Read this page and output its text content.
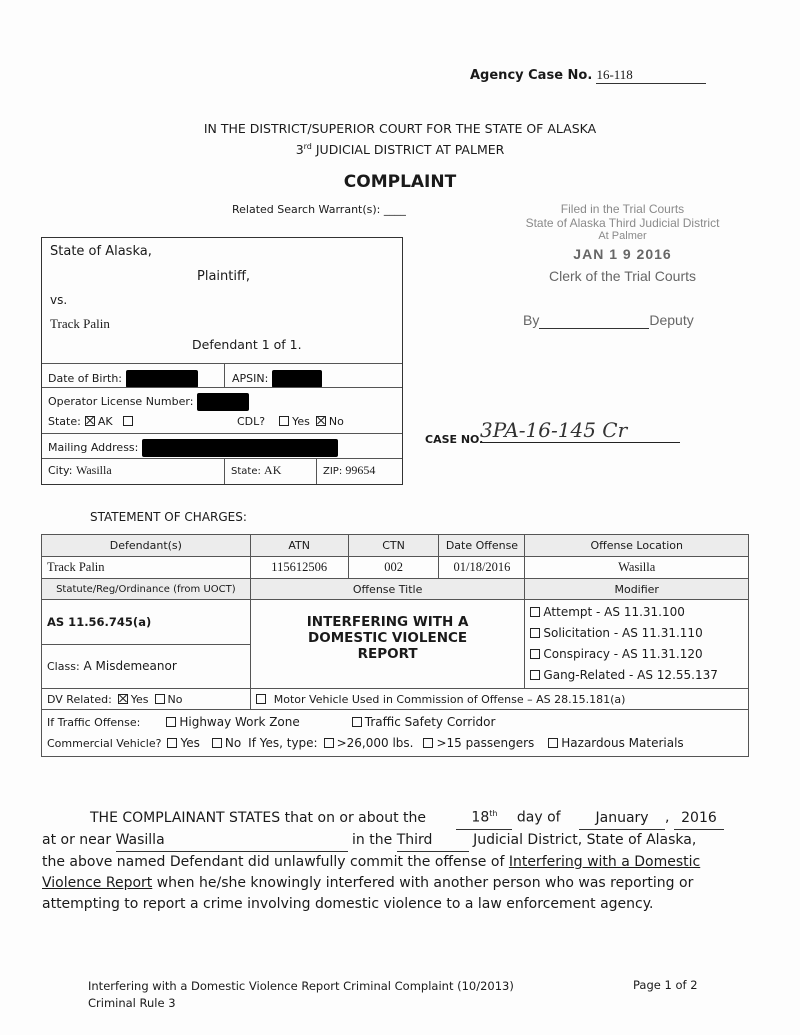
Agency Case No. 16-118
IN THE DISTRICT/SUPERIOR COURT FOR THE STATE OF ALASKA
3rd JUDICIAL DISTRICT AT PALMER
COMPLAINT
Related Search Warrant(s): ____
State of Alaska,
Plaintiff,
vs.
Track Palin
Defendant 1 of 1.
Date of Birth:	APSIN:
Operator License Number:
State: AK	CDL? Yes No
Mailing Address:
City: Wasilla	State: AK	ZIP: 99654
Filed in the Trial Courts
State of Alaska Third Judicial District
At Palmer
JAN 1 9 2016
Clerk of the Trial Courts
By	Deputy
CASE NO.
3PA-16-145 Cr
STATEMENT OF CHARGES:
Defendant(s)	ATN	CTN	Date Offense	Offense Location
Track Palin	115612506	002	01/18/2016	Wasilla
Statute/Reg/Ordinance (from UOCT)	Offense Title			Modifier
AS 11.56.745(a)	INTERFERING WITH A DOMESTIC VIOLENCE REPORT			Attempt - AS 11.31.100
Solicitation - AS 11.31.110
Conspiracy - AS 11.31.120
Gang-Related - AS 12.55.137

Class: A Misdemeanor				
DV Related: Yes No	Motor Vehicle Used in Commission of Offense – AS 28.15.181(a)			

If Traffic Offense: Highway Work Zone Traffic Safety Corridor
Commercial Vehicle? Yes No If Yes, type: >26,000 lbs. >15 passengers Hazardous Materials				
THE COMPLAINANT STATES that on or about the	18th day of January , 2016
at or near Wasilla	in the Third	Judicial District, State of Alaska,
the above named Defendant did unlawfully commit the offense of Interfering with a Domestic
Violence Report when he/she knowingly interfered with another person who was reporting or
attempting to report a crime involving domestic violence to a law enforcement agency.
Interfering with a Domestic Violence Report Criminal Complaint (10/2013)
Criminal Rule 3
Page 1 of 2
